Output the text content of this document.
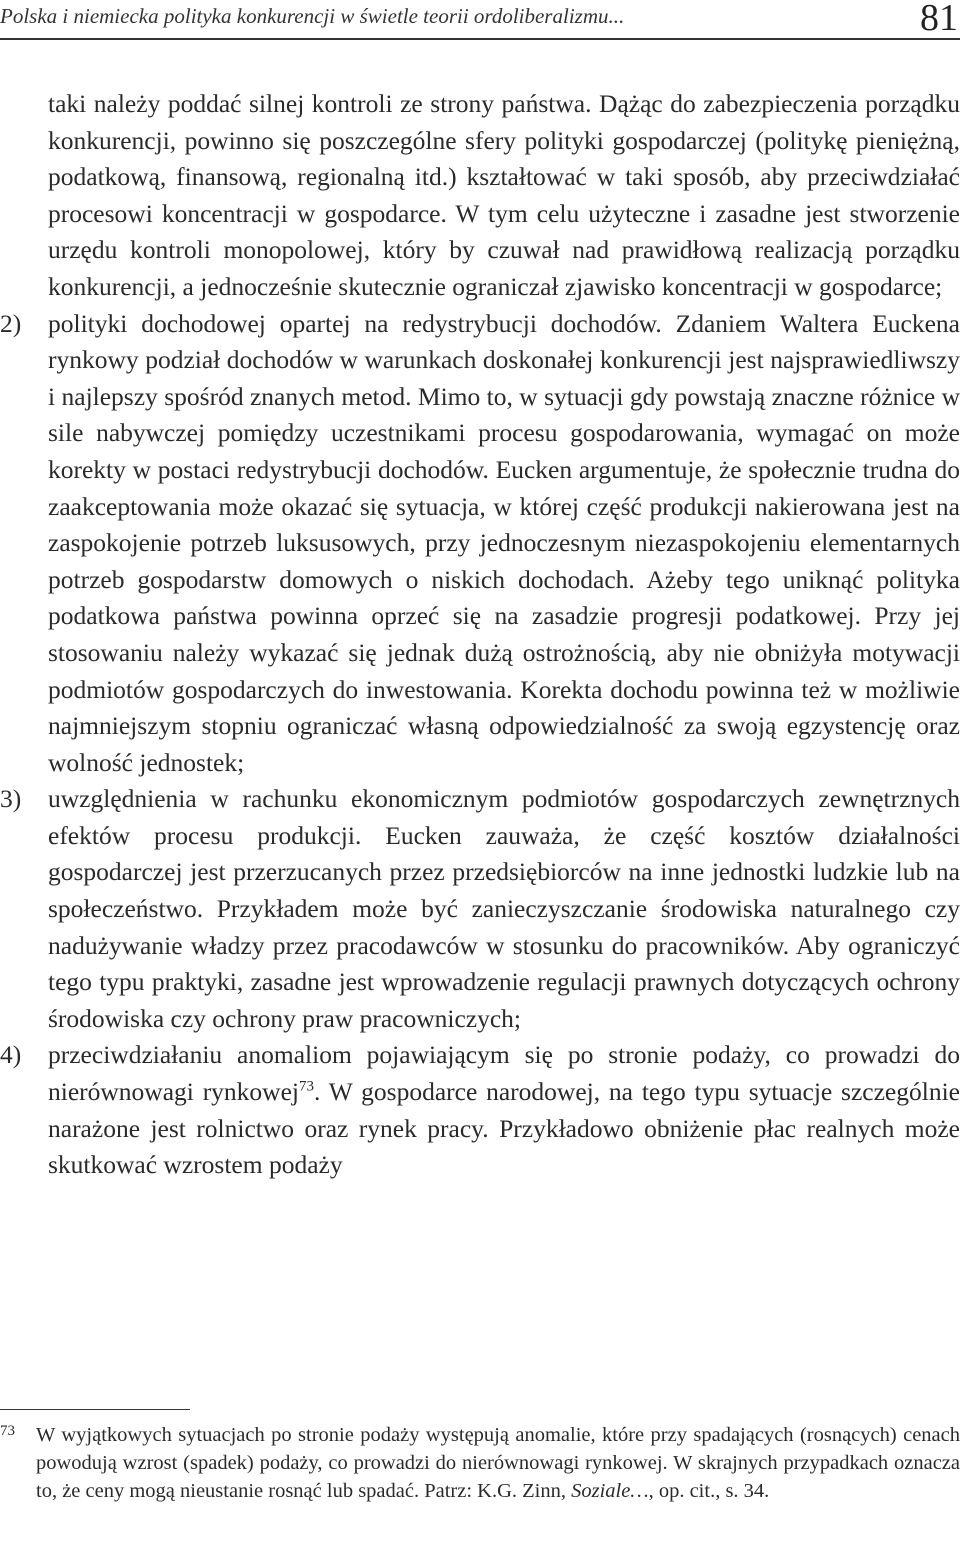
Polska i niemiecka polityka konkurencji w świetle teorii ordoliberalizmu...	81

taki należy poddać silnej kontroli ze strony państwa. Dążąc do zabezpieczenia porządku konkurencji, powinno się poszczególne sfery polityki gospodarczej (politykę pieniężną, podatkową, finansową, regionalną itd.) kształtować w taki sposób, aby przeciwdziałać procesowi koncentracji w gospodarce. W tym celu użyteczne i zasadne jest stworzenie urzędu kontroli monopolowej, który by czuwał nad prawidłową realizacją porządku konkurencji, a jednocześnie skutecznie ograniczał zjawisko koncentracji w gospodarce;

2) polityki dochodowej opartej na redystrybucji dochodów. Zdaniem Waltera Euckena rynkowy podział dochodów w warunkach doskonałej konkurencji jest najsprawiedliwszy i najlepszy spośród znanych metod. Mimo to, w sytuacji gdy powstają znaczne różnice w sile nabywczej pomiędzy uczestnikami procesu gospodarowania, wymagać on może korekty w postaci redystrybucji dochodów. Eucken argumentuje, że społecznie trudna do zaakceptowania może okazać się sytuacja, w której część produkcji nakierowana jest na zaspokojenie potrzeb luksusowych, przy jednoczesnym niezaspokojeniu elementarnych potrzeb gospodarstw domowych o niskich dochodach. Ażeby tego uniknąć polityka podatkowa państwa powinna oprzeć się na zasadzie progresji podatkowej. Przy jej stosowaniu należy wykazać się jednak dużą ostrożnością, aby nie obniżyła motywacji podmiotów gospodarczych do inwestowania. Korekta dochodu powinna też w możliwie najmniejszym stopniu ograniczać własną odpowiedzialność za swoją egzystencję oraz wolność jednostek;
3) uwzględnienia w rachunku ekonomicznym podmiotów gospodarczych zewnętrznych efektów procesu produkcji. Eucken zauważa, że część kosztów działalności gospodarczej jest przerzucanych przez przedsiębiorców na inne jednostki ludzkie lub na społeczeństwo. Przykładem może być zanieczyszczanie środowiska naturalnego czy nadużywanie władzy przez pracodawców w stosunku do pracowników. Aby ograniczyć tego typu praktyki, zasadne jest wprowadzenie regulacji prawnych dotyczących ochrony środowiska czy ochrony praw pracowniczych;
4) przeciwdziałaniu anomaliom pojawiającym się po stronie podaży, co prowadzi do nierównowagi rynkowej$^{73}$. W gospodarce narodowej, na tego typu sytuacje szczególnie narażone jest rolnictwo oraz rynek pracy. Przykładowo obniżenie płac realnych może skutkować wzrostem podaży
73	W wyjątkowych sytuacjach po stronie podaży występują anomalie, które przy spadających (rosnących) cenach powodują wzrost (spadek) podaży, co prowadzi do nierównowagi rynkowej. W skrajnych przypadkach oznacza to, że ceny mogą nieustanie rosnąć lub spadać. Patrz: K.G. Zinn, Soziale…, op. cit., s. 34.
